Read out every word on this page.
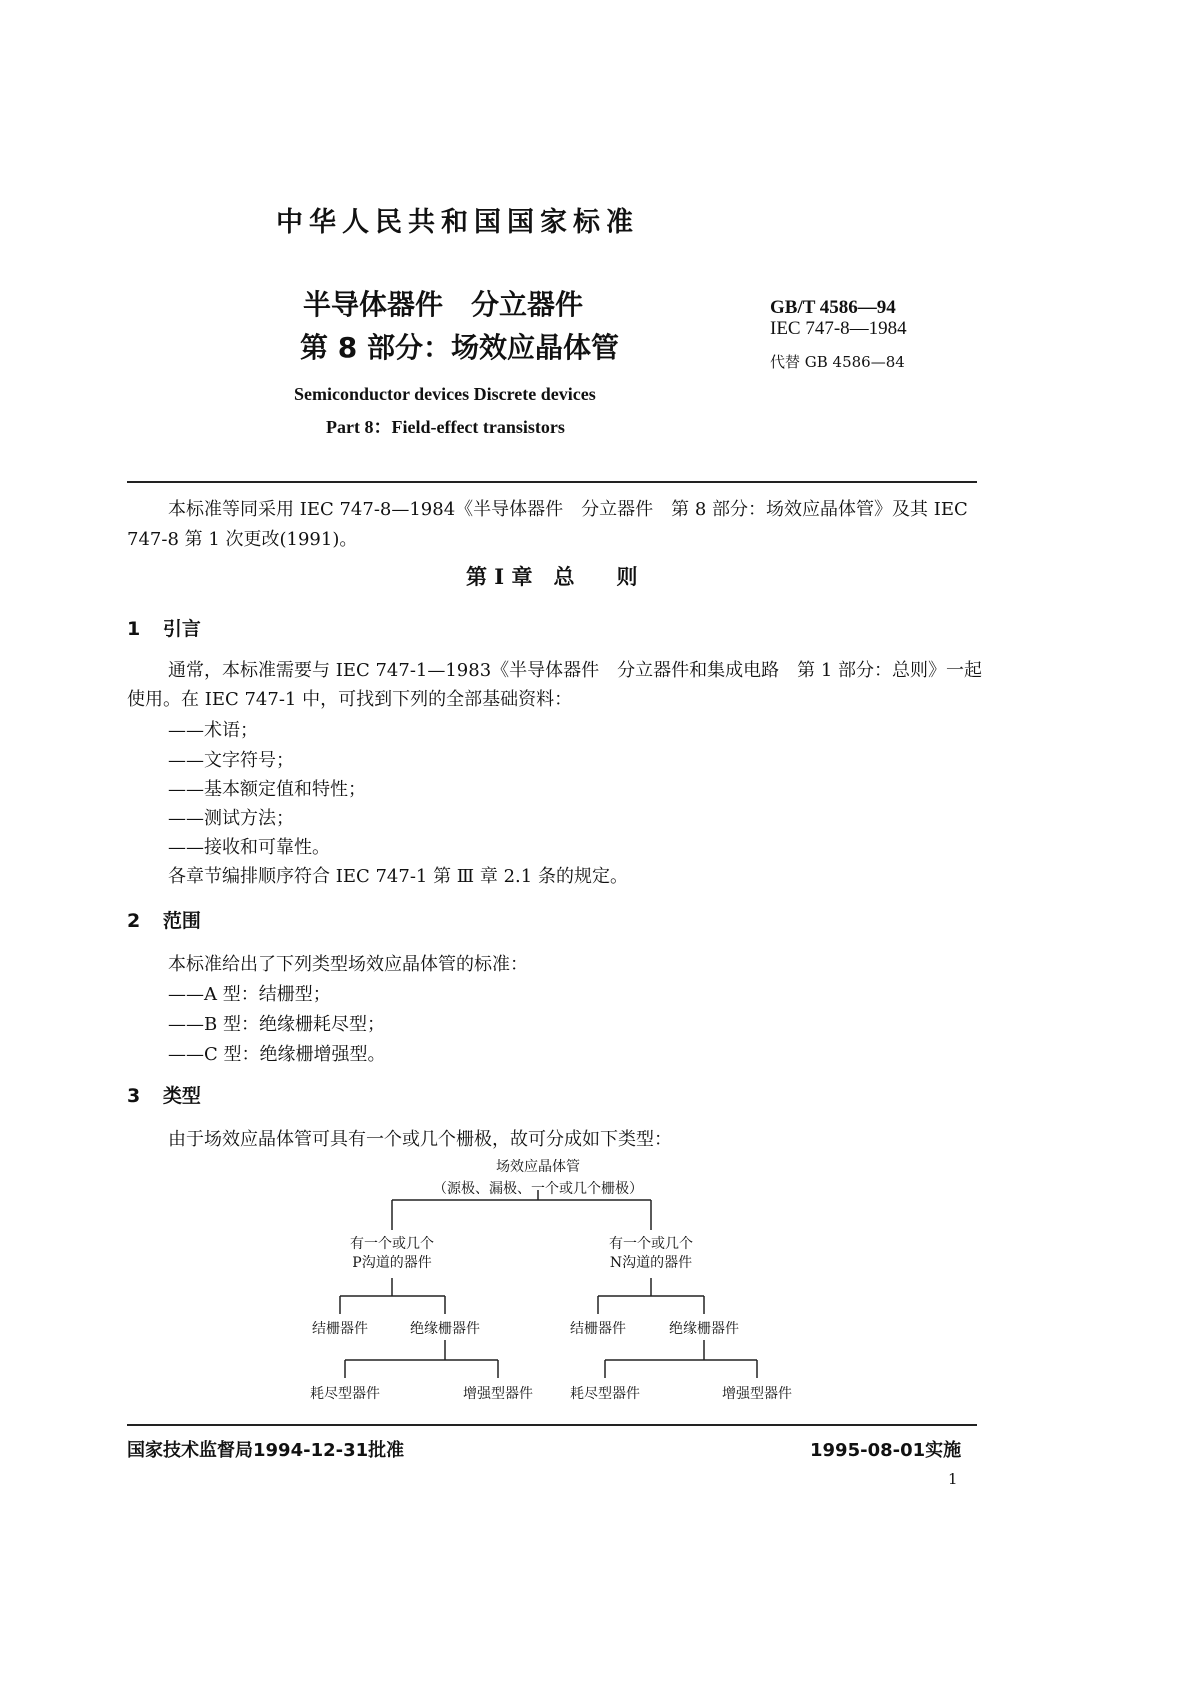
中华人民共和国国家标准
半导体器件　分立器件
第 8 部分：场效应晶体管
GB/T 4586—94
IEC 747-8—1984
代替 GB 4586—84
Semiconductor devices Discrete devices
Part 8：Field-effect transistors
本标准等同采用 IEC 747-8—1984《半导体器件　分立器件　第 8 部分：场效应晶体管》及其 IEC
747-8 第 1 次更改(1991)。
第 I 章　总　　则
1 引言
通常，本标准需要与 IEC 747-1—1983《半导体器件　分立器件和集成电路　第 1 部分：总则》一起
使用。在 IEC 747-1 中，可找到下列的全部基础资料：
——术语；
——文字符号；
——基本额定值和特性；
——测试方法；
——接收和可靠性。
各章节编排顺序符合 IEC 747-1 第 Ⅲ 章 2.1 条的规定。
2 范围
本标准给出了下列类型场效应晶体管的标准：
——A 型：结栅型；
——B 型：绝缘栅耗尽型；
——C 型：绝缘栅增强型。
3 类型
由于场效应晶体管可具有一个或几个栅极，故可分成如下类型：
场效应晶体管
（源极、漏极、一个或几个栅极）
有一个或几个
P沟道的器件
有一个或几个
N沟道的器件
结栅器件	绝缘栅器件	结栅器件	绝缘栅器件
耗尽型器件	增强型器件	耗尽型器件	增强型器件
国家技术监督局1994-12-31批准	1995-08-01实施
1
